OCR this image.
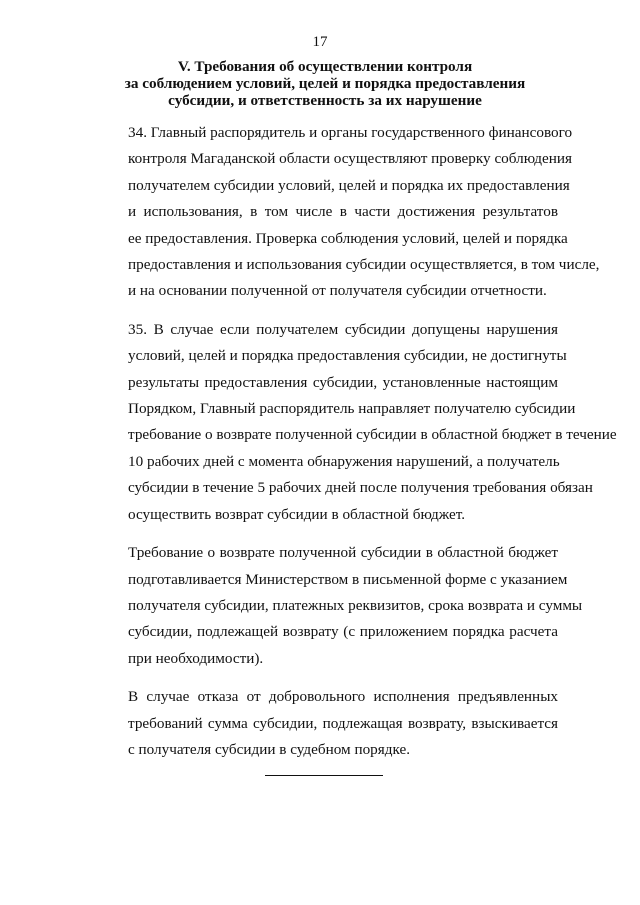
17
V. Требования об осуществлении контроля
за соблюдением условий, целей и порядка предоставления
субсидии, и ответственность за их нарушение

34. Главный распорядитель и органы государственного финансового
контроля Магаданской области осуществляют проверку соблюдения
получателем субсидии условий, целей и порядка их предоставления
и использования, в том числе в части достижения результатов
ее предоставления. Проверка соблюдения условий, целей и порядка
предоставления и использования субсидии осуществляется, в том числе,
и на основании полученной от получателя субсидии отчетности.

35. В случае если получателем субсидии допущены нарушения
условий, целей и порядка предоставления субсидии, не достигнуты
результаты предоставления субсидии, установленные настоящим
Порядком, Главный распорядитель направляет получателю субсидии
требование о возврате полученной субсидии в областной бюджет в течение
10 рабочих дней с момента обнаружения нарушений, а получатель
субсидии в течение 5 рабочих дней после получения требования обязан
осуществить возврат субсидии в областной бюджет.

Требование о возврате полученной субсидии в областной бюджет
подготавливается Министерством в письменной форме с указанием
получателя субсидии, платежных реквизитов, срока возврата и суммы
субсидии, подлежащей возврату (с приложением порядка расчета
при необходимости).

В случае отказа от добровольного исполнения предъявленных
требований сумма субсидии, подлежащая возврату, взыскивается
с получателя субсидии в судебном порядке.
